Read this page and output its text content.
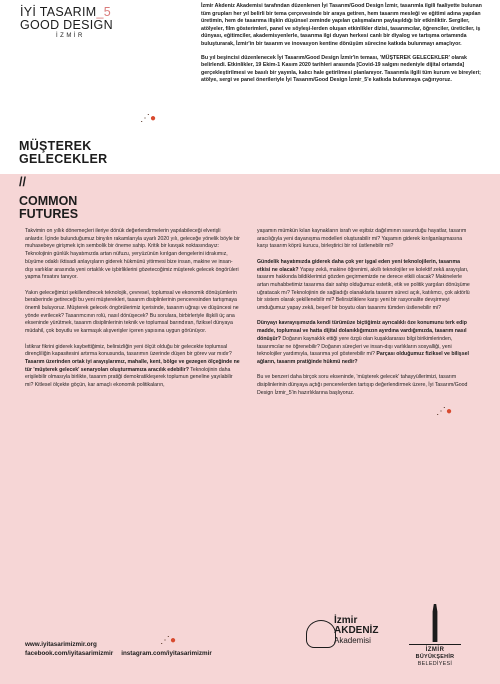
İYİ TASARIM_5
GOOD DESIGN
İZMİR

İzmir Akdeniz Akademisi tarafından düzenlenen İyi Tasarım/Good Design İzmir, tasarımla ilgili faaliyette bulunan tüm grupları her yıl belirli bir tema çerçevesinde bir araya getiren, hem tasarım mesleği ve eğitimi adına yapılan üretimin, hem de tasarıma ilişkin düşünsel zeminde yapılan çalışmaların paylaşıldığı bir etkinliktir. Sergiler, atölyeler, film gösterimleri, panel ve söyleşi-lerden oluşan etkinlikler dizisi, tasarımcılar, öğrenciler, üreticiler, iş dünyası, eğitimciler, akademisyenlerle, tasarıma ilgi duyan herkesi canlı bir diyalog ve tartışma ortamında buluşturarak, İzmir'in bir tasarım ve inovasyon kentine dönüşüm sürecine katkıda bulunmayı amaçlıyor.

Bu yıl beşincisi düzenlenecek İyi Tasarım/Good Design İzmir'in teması, 'MÜŞTEREK GELECEKLER' olarak belirlendi. Etkinlikler, 19 Ekim-1 Kasım 2020 tarihleri arasında [Covid-19 salgını nedeniyle dijital ortamda] gerçekleştirilmesi ve basılı bir yayınla, kalıcı hale getirilmesi planlanıyor. Tasarımla ilgili tüm kurum ve bireyleri; atölye, sergi ve panel önerileriyle İyi Tasarım/Good Design İzmir_5'e katkıda bulunmaya çağırıyoruz.

⋰●
MÜŞTEREK
GELECEKLER
//
COMMON
FUTURES

Takvimin on yıllık dönemeçleri ileriye dönük değerlendirmelerin yapılabileceği elverişli anlardır. İçinde bulunduğumuz binyılın rakamlarıyla uyarlı 2020 yılı, geleceğe yönelik böyle bir muhasebeye girişmek için sembolik bir öneme sahip. Kritik bir kavşak noktasındayız: Teknolojinin günlük hayatımızda artan nüfuzu, yeryüzünün kırılgan dengelerini idrakımız, büyüme odaklı iktisadi anlayışların giderek hükmünü yitirmesi bize insan, makine ve insan-dışı varlıklar arasında yeni ortaklık ve işbirliklerini gözetecoğimiz müşterek gelecek öngörüleri yapma fırsatını tanıyor.

Yakın geleceğimizi şekillendirecek teknolojik, çevresel, toplumsal ve ekonomik dönüşümlerin beraberinde getireceği bu yeni müşterekleri, tasarım disiplinlerinin penceresinden tartışmaya önemli buluyoruz. Müşterek gelecek öngörülerimiz içerisinde, tasarım uğraşı ve düşüncesi ne yönde evrilecek? Tasarımcının rolü, nasıl dönüşecek? Bu sorulara, birbirleriyle ilişkili üç ana ekseninde yürütmek, tasarım disiplinlerinin teknik ve toplumsal barındıran, fiziksel dünyaya müdahil, çok boyutlu ve karmaşık alışverişler içeren yapısına uygun görünüyor.

İstikrar fikrini giderek kaybettiğimiz, belirsizliğin yeni ölçüt olduğu bir gelecekte toplumsal dirençliliğin kapasitesini artırma konusunda, tasarımın üzerinde düşen bir görev var mıdır? Tasarım üzerinden ortak iyi arayışlarımız, mahalle, kent, bölge ve gezegen ölçeğinde ne tür 'müşterek gelecek' senaryoları oluşturmamıza aracılık edebilir? Teknolojinin daha erişilebilir olmasıyla birlikte, tasarım pratiği demokratikleşerek toplumun geneline yayılabilir mi? Kitlesel ölçekte göçün, kar amaçlı ekonomik politikaların,

yaşamın mümkün kılan kaynakların israfı ve eşitsiz dağılımının savurduğu hayatlar, tasarım aracılığıyla yeni dayanışma modelleri oluşturabilir mi? Yaşamın giderek kırılganlaşmasına karşı tasarım köprü kurucu, birleştirici bir rol üstlenebilir mi?

Gündelik hayatımızda giderek daha çok yer işgal eden yeni teknolojilerin, tasarıma etkisi ne olacak? Yapay zekâ, makine öğrenimi, akıllı teknolojiler ve kolektif zekâ arayışları, tasarım hakkında bildiklerimizi gözden geçirmemizde ne derece etkili olacak? Makinelerle artan muhabbetimiz tasarıma dair sahip olduğumuz estetik, etik ve politik yargıları dönüşüme uğratacak mı? Teknolojinin de sağladığı olanaklarla tasarım süreci açık, katılımcı, çok aktörlü bir sistem olarak şekillenebilir mi? Belirsizliklere karşı yeni bir rasyonalite devşirmeyi umduğumuz yapay zekâ, beşerî bir boyutu olan tasarımı tümden üstlenebilir mi?

Dünyayı kavrayışımızda kendi türümüze biçtiğimiz ayrıcalıklı öze konumunu terk edip madde, toplumsal ve hatta dijital dolanıklığımızın ayırdına vardığımızda, tasarım nasıl dönüşür? Doğanın kaynaklık ettiği yere özgü olan kuşaklararası bilgi birikimlerinden, tasarımcılar ne öğrenebilir? Doğanın süreçleri ve insan-dışı varlıkların sosyalliği, yeni teknolojiler yardımıyla, tasarıma yol gösterebilir mi? Parçası olduğumuz fiziksel ve bilişsel ağların, tasarım pratiğinde hükmü nedir?

Bu ve benzeri daha birçok soru ekseninde, 'müşterek gelecek' tahayyüllerimizi, tasarım disiplinlerinin dünyaya açtığı pencerelerden tartışıp değerlendirmek üzere, İyi Tasarım/Good Design İzmir_5'in hazırlıklarına başlıyoruz.

⋰●
⋰●
www.iyitasarimizmir.org
facebook.com/iyitasarimizmir instagram.com/iyitasarimizmir
İzmir
AKDENİZ
Akademisi
İZMİR
BÜYÜKŞEHİR
BELEDİYESİ
